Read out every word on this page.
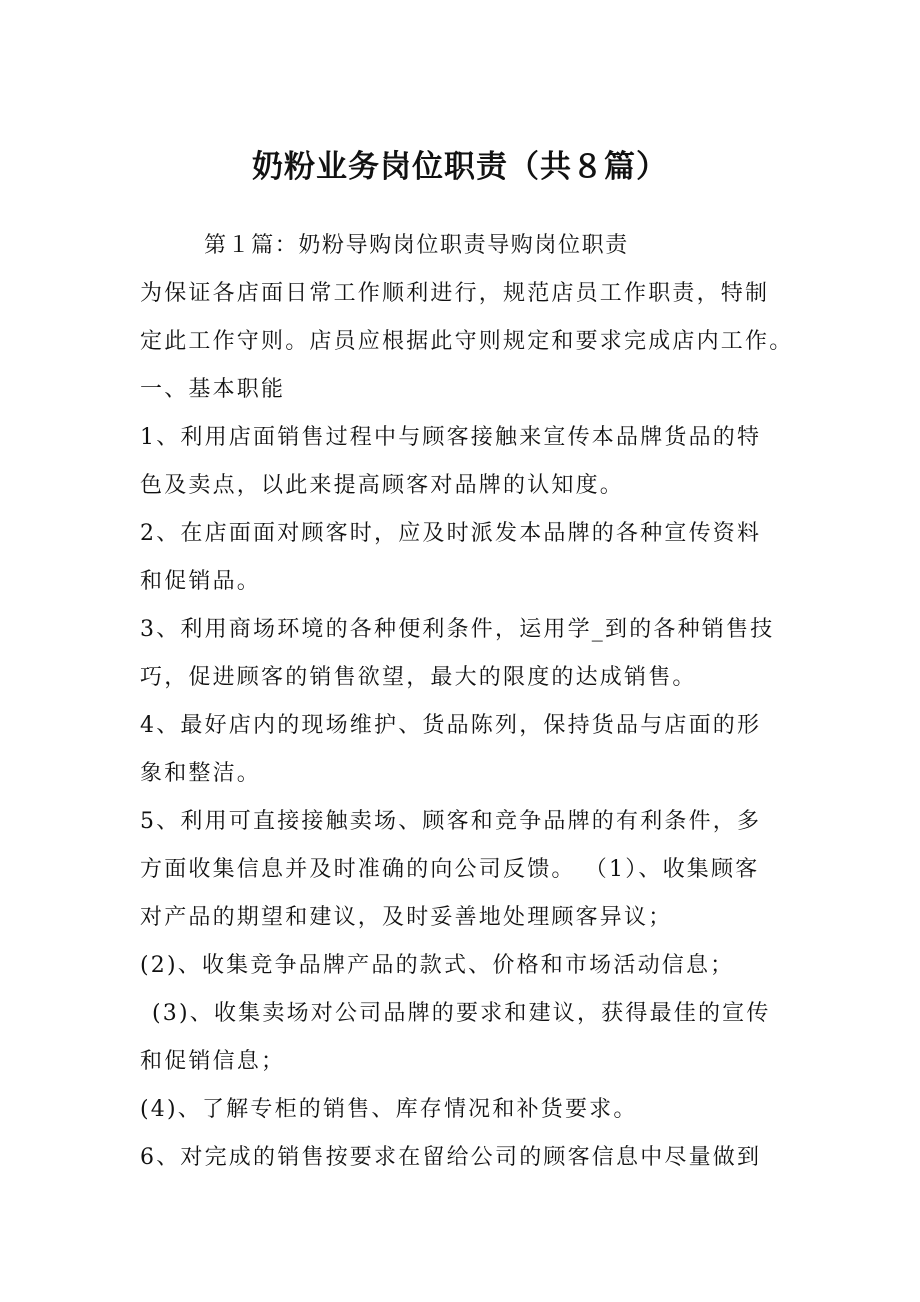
奶粉业务岗位职责（共８篇）
第１篇：奶粉导购岗位职责导购岗位职责
为保证各店面日常工作顺利进行，规范店员工作职责，特制
定此工作守则。店员应根据此守则规定和要求完成店内工作。
一、基本职能
1、利用店面销售过程中与顾客接触来宣传本品牌货品的特
色及卖点，以此来提高顾客对品牌的认知度。
2、在店面面对顾客时，应及时派发本品牌的各种宣传资料
和促销品。
3、利用商场环境的各种便利条件，运用学_到的各种销售技
巧，促进顾客的销售欲望，最大的限度的达成销售。
4、最好店内的现场维护、货品陈列，保持货品与店面的形
象和整洁。
5、利用可直接接触卖场、顾客和竞争品牌的有利条件，多
方面收集信息并及时准确的向公司反馈。 （1）、收集顾客
对产品的期望和建议，及时妥善地处理顾客异议；
(2)、收集竞争品牌产品的款式、价格和市场活动信息；
(3)、收集卖场对公司品牌的要求和建议，获得最佳的宣传
和促销信息；
(4)、了解专柜的销售、库存情况和补货要求。
6、对完成的销售按要求在留给公司的顾客信息中尽量做到
